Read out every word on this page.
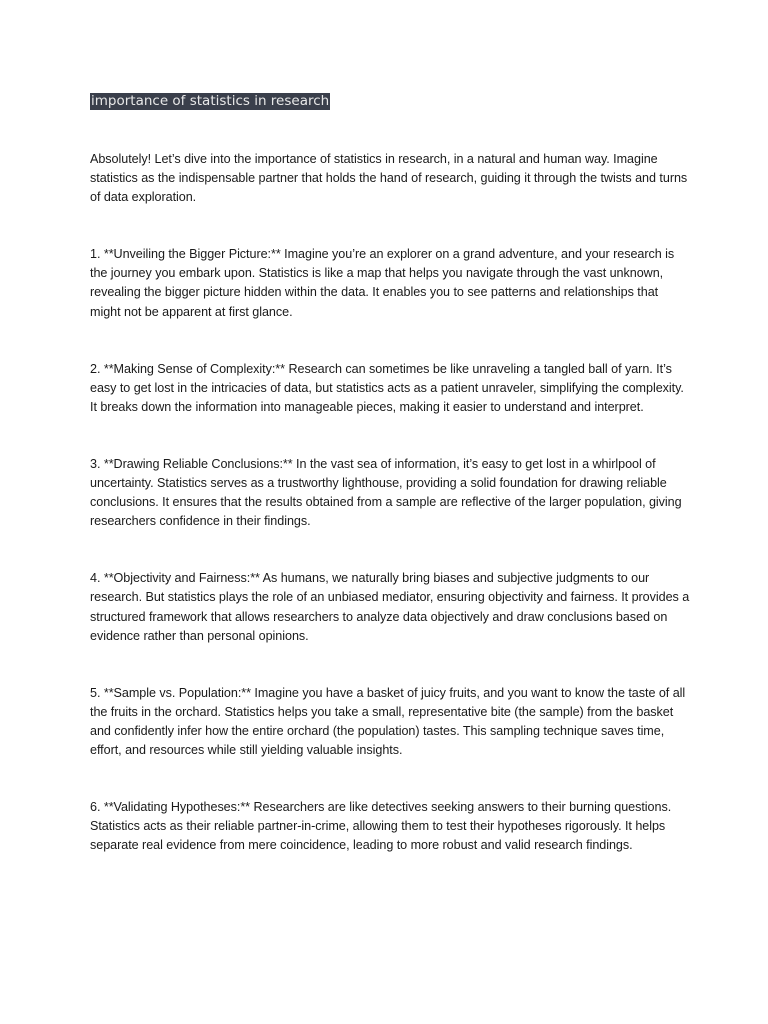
importance of statistics in research

Absolutely! Let’s dive into the importance of statistics in research, in a natural and human way. Imagine statistics as the indispensable partner that holds the hand of research, guiding it through the twists and turns of data exploration.

1. **Unveiling the Bigger Picture:** Imagine you’re an explorer on a grand adventure, and your research is the journey you embark upon. Statistics is like a map that helps you navigate through the vast unknown, revealing the bigger picture hidden within the data. It enables you to see patterns and relationships that might not be apparent at first glance.

2. **Making Sense of Complexity:** Research can sometimes be like unraveling a tangled ball of yarn. It’s easy to get lost in the intricacies of data, but statistics acts as a patient unraveler, simplifying the complexity. It breaks down the information into manageable pieces, making it easier to understand and interpret.

3. **Drawing Reliable Conclusions:** In the vast sea of information, it’s easy to get lost in a whirlpool of uncertainty. Statistics serves as a trustworthy lighthouse, providing a solid foundation for drawing reliable conclusions. It ensures that the results obtained from a sample are reflective of the larger population, giving researchers confidence in their findings.

4. **Objectivity and Fairness:** As humans, we naturally bring biases and subjective judgments to our research. But statistics plays the role of an unbiased mediator, ensuring objectivity and fairness. It provides a structured framework that allows researchers to analyze data objectively and draw conclusions based on evidence rather than personal opinions.

5. **Sample vs. Population:** Imagine you have a basket of juicy fruits, and you want to know the taste of all the fruits in the orchard. Statistics helps you take a small, representative bite (the sample) from the basket and confidently infer how the entire orchard (the population) tastes. This sampling technique saves time, effort, and resources while still yielding valuable insights.

6. **Validating Hypotheses:** Researchers are like detectives seeking answers to their burning questions. Statistics acts as their reliable partner-in-crime, allowing them to test their hypotheses rigorously. It helps separate real evidence from mere coincidence, leading to more robust and valid research findings.
